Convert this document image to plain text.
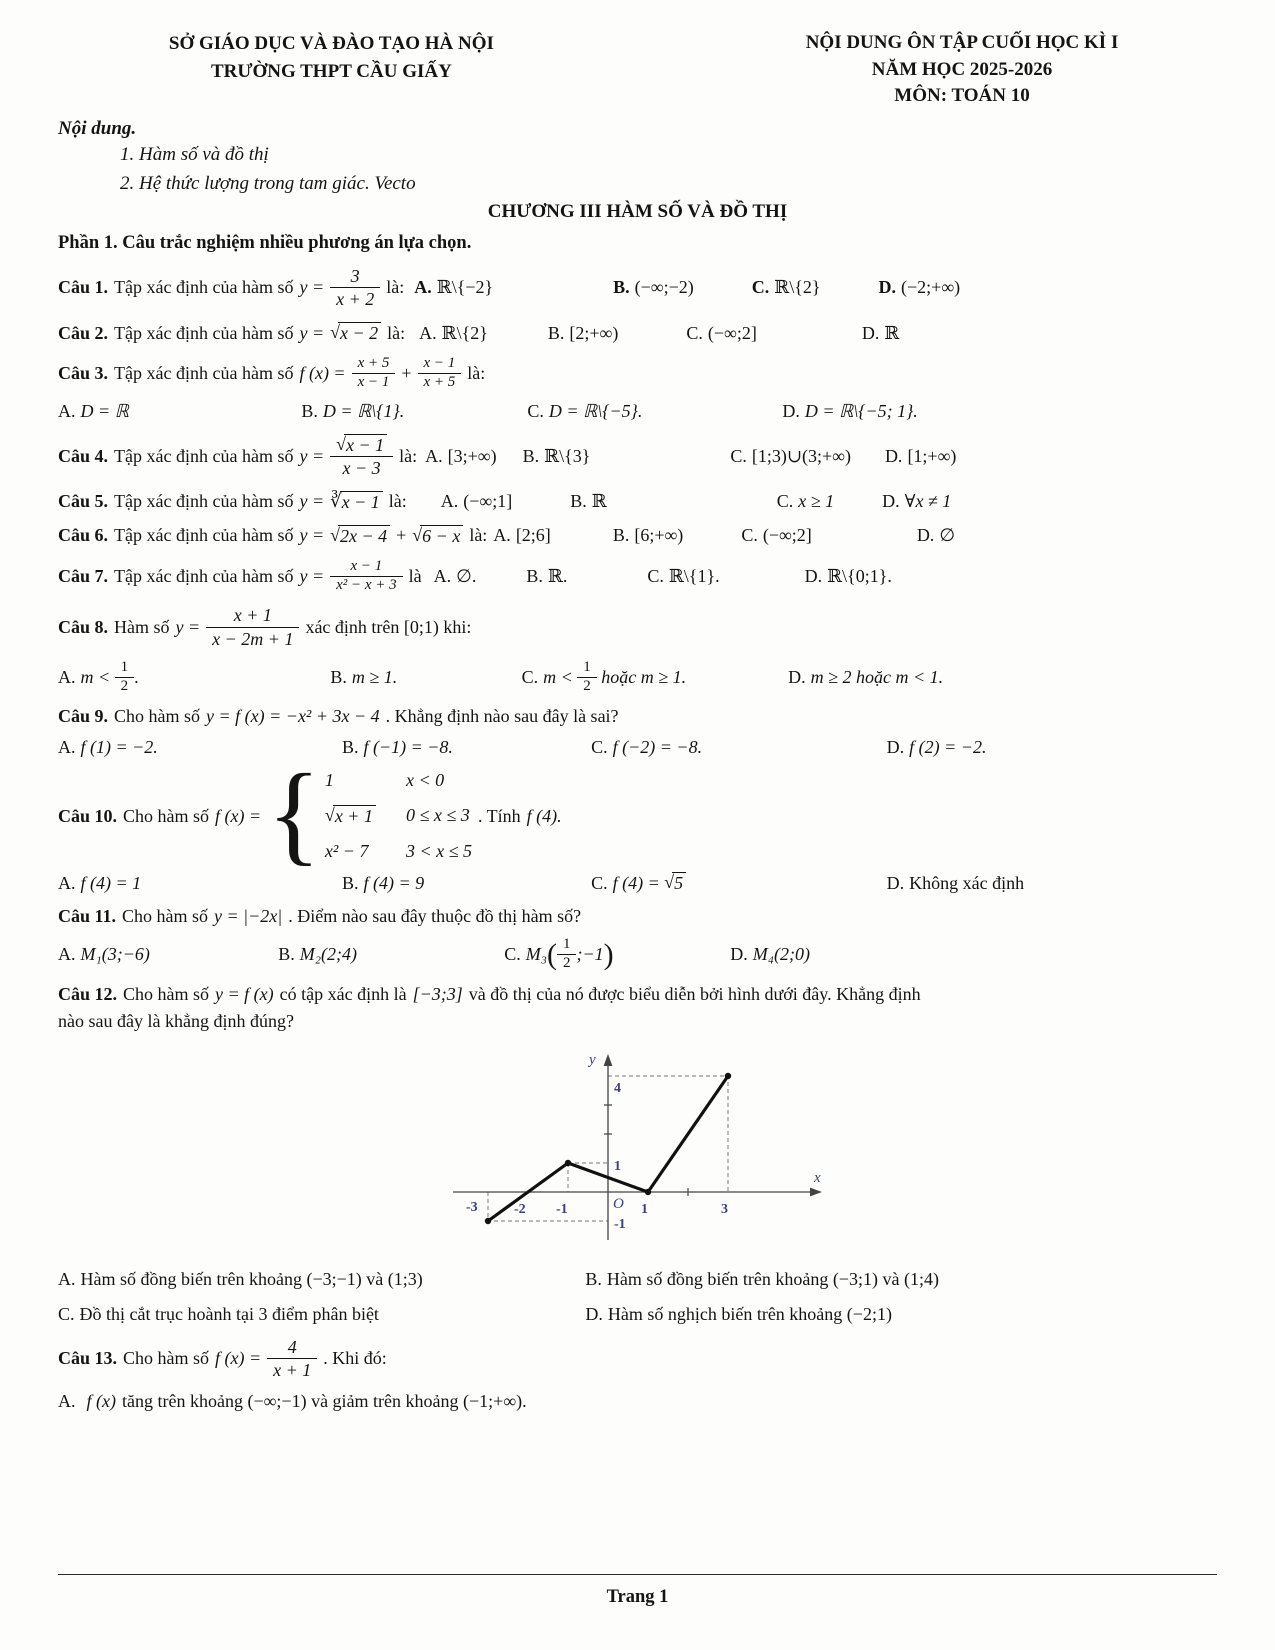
SỞ GIÁO DỤC VÀ ĐÀO TẠO HÀ NỘI
TRƯỜNG THPT CẦU GIẤY
NỘI DUNG ÔN TẬP CUỐI HỌC KÌ I
NĂM HỌC 2025-2026
MÔN: TOÁN 10
Nội dung.
1. Hàm số và đồ thị
2. Hệ thức lượng trong tam giác. Vecto
CHƯƠNG III HÀM SỐ VÀ ĐỒ THỊ
Phần 1. Câu trắc nghiệm nhiều phương án lựa chọn.
Câu 1. Tập xác định của hàm số $y = \frac{3}{x + 2}$ là: A. ℝ\{−2}	B. (−∞;−2)	C. ℝ\{2}	D. (−2;+∞)
Câu 2. Tập xác định của hàm số y = √ x − 2 là: A. ℝ\{2}	B. [2;+∞)	C. (−∞;2]	D. ℝ
Câu 3. Tập xác định của hàm số f $(x) = \frac{x + 5}{x - 1} + \frac{x - 1}{x + 5}$ là:
A. D = ℝ	B. D = ℝ\{1}.	C. D = ℝ\{−5}.	D. D = ℝ\{−5; 1}.
Câu 4. Tập xác định của hàm số y = √ $\frac{x - 1}{x - 3}$ là: A. [3;+∞) B. ℝ\{3}	C. [1;3)∪(3;+∞) D. [1;+∞)
Câu 5. Tập xác định của hàm số y = ∛ x − 1 là: A. (−∞;1]	B. ℝ	C. x ≥ 1	D. ∀x ≠ 1
Câu 6. Tập xác định của hàm số y = √ 2x − 4 + √ 6 − x là: A. [2;6]	B. [6;+∞)	C. (−∞;2]	D. ∅
Câu 7. Tập xác định của hàm số $y = \frac{x - 1}{\text{x² − x + 3}}$ là A. ∅.	B. ℝ.	C. ℝ\{1}.	D. ℝ\{0;1}.
Câu 8. Hàm số $y = \frac{x + 1}{x - 2m + 1}$ xác định trên [0;1) khi:
A. m <
$\frac{1}{2}$ .	B. m ≥ 1.	C. m <
$\frac{1}{2}$
hoặc m ≥ 1.	D. m ≥ 2 hoặc m < 1.
Câu 9. Cho hàm số y = f (x) = −x² + 3x − 4 . Khẳng định nào sau đây là sai?
A. f (1) = −2.	B. f (−1) = −8.	C. f (−2) = −8.	D. f (2) = −2.
Câu 10. Cho hàm số f (x) =
{ 1	x < 0
√ x + 1 0 ≤ x ≤ 3
x² − 7	3 < x ≤ 5
. Tính f (4).
A. f (4) = 1	B. f (4) = 9	C. f (4) =
√ 5	D. Không xác định
Câu 11. Cho hàm số y = |−2x| . Điểm nào sau đây thuộc đồ thị hàm số?
A. M₁(3;−6)	B. M₂(2;4)	C. M₃ ( $\frac{1}{2}$ ;−1 )	D. M₄(2;0)
Câu 12. Cho hàm số y = f (x) có tập xác định là [−3;3] và đồ thị của nó được biểu diễn bởi hình dưới đây. Khẳng định
nào sau đây là khẳng định đúng?
y
x
4
1
-1
-3	-2 -1	O 1	3
A. Hàm số đồng biến trên khoảng (−3;−1) và (1;3)	B. Hàm số đồng biến trên khoảng (−3;1) và (1;4)
C. Đồ thị cắt trục hoành tại 3 điểm phân biệt	D. Hàm số nghịch biến trên khoảng (−2;1)
Câu 13. Cho hàm số f $(x) = \frac{4}{x + 1}$ . Khi đó:
A. f (x) tăng trên khoảng (−∞;−1) và giảm trên khoảng (−1;+∞).
Trang 1
